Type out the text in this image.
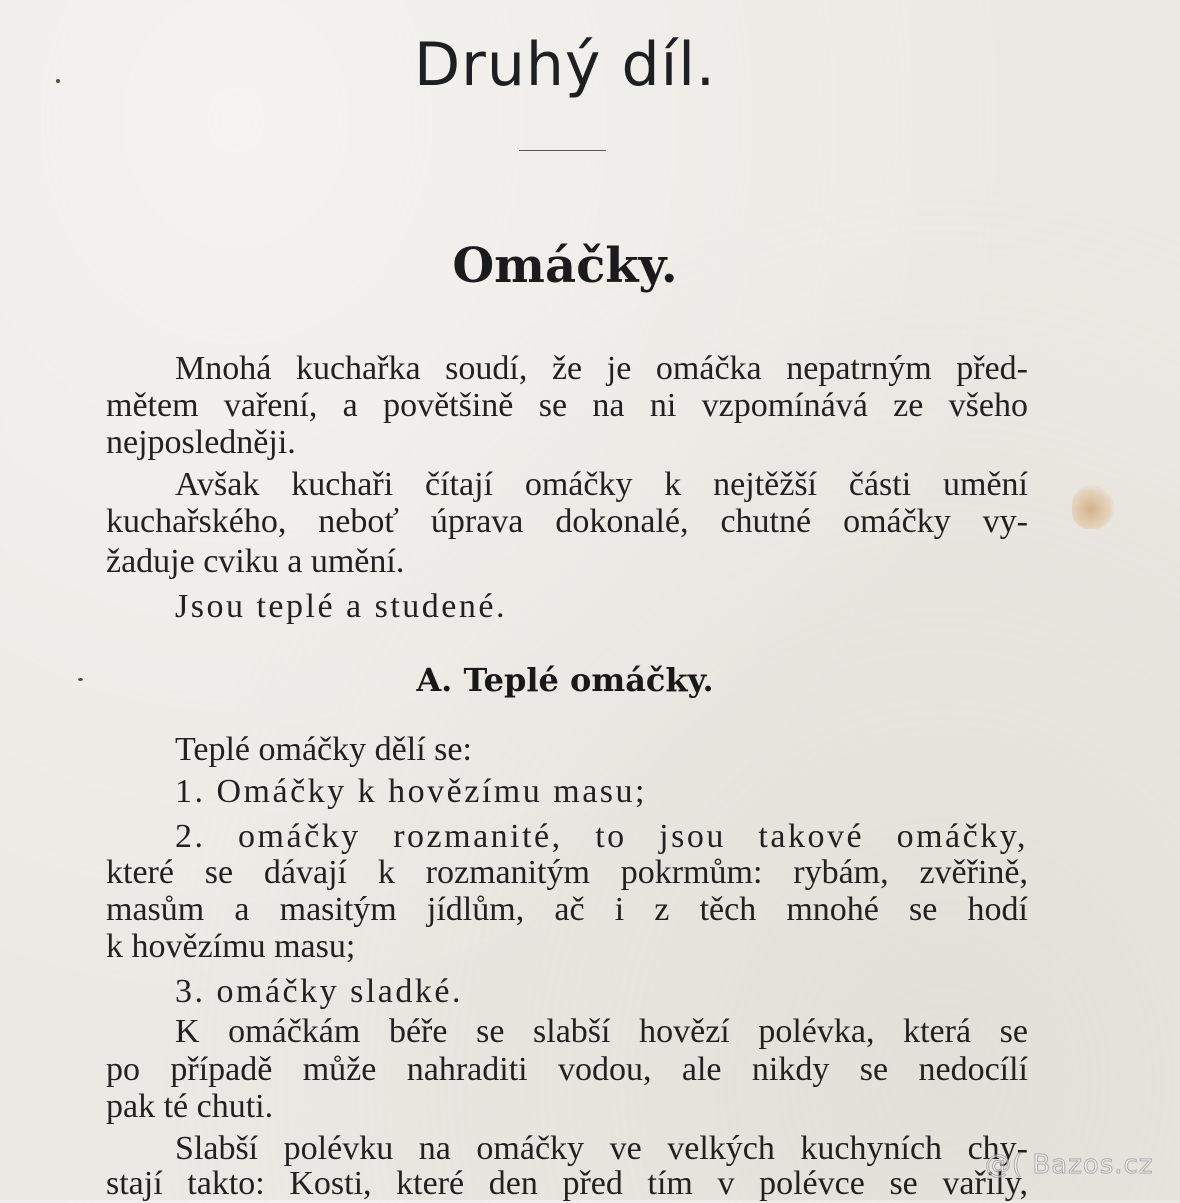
Druhý díl.
Omáčky.
Mnohá kuchařka soudí, že je omáčka nepatrným před-
mětem vaření, a povětšině se na ni vzpomínává ze všeho
nejposledněji.
Avšak kuchaři čítají omáčky k nejtěžší části umění
kuchařského, neboť úprava dokonalé, chutné omáčky vy-
žaduje cviku a umění.
Jsou teplé a studené.
A. Teplé omáčky.
Teplé omáčky dělí se:
1. Omáčky k hovězímu masu;
2. omáčky rozmanité, to jsou takové omáčky,
které se dávají k rozmanitým pokrmům: rybám, zvěřině,
masům a masitým jídlům, ač i z těch mnohé se hodí
k hovězímu masu;
3. omáčky sladké.
K omáčkám béře se slabší hovězí polévka, která se
po případě může nahraditi vodou, ale nikdy se nedocílí
pak té chuti.
Slabší polévku na omáčky ve velkých kuchyních chy-
stají takto: Kosti, které den před tím v polévce se vařily,
@( Bazos.cz
